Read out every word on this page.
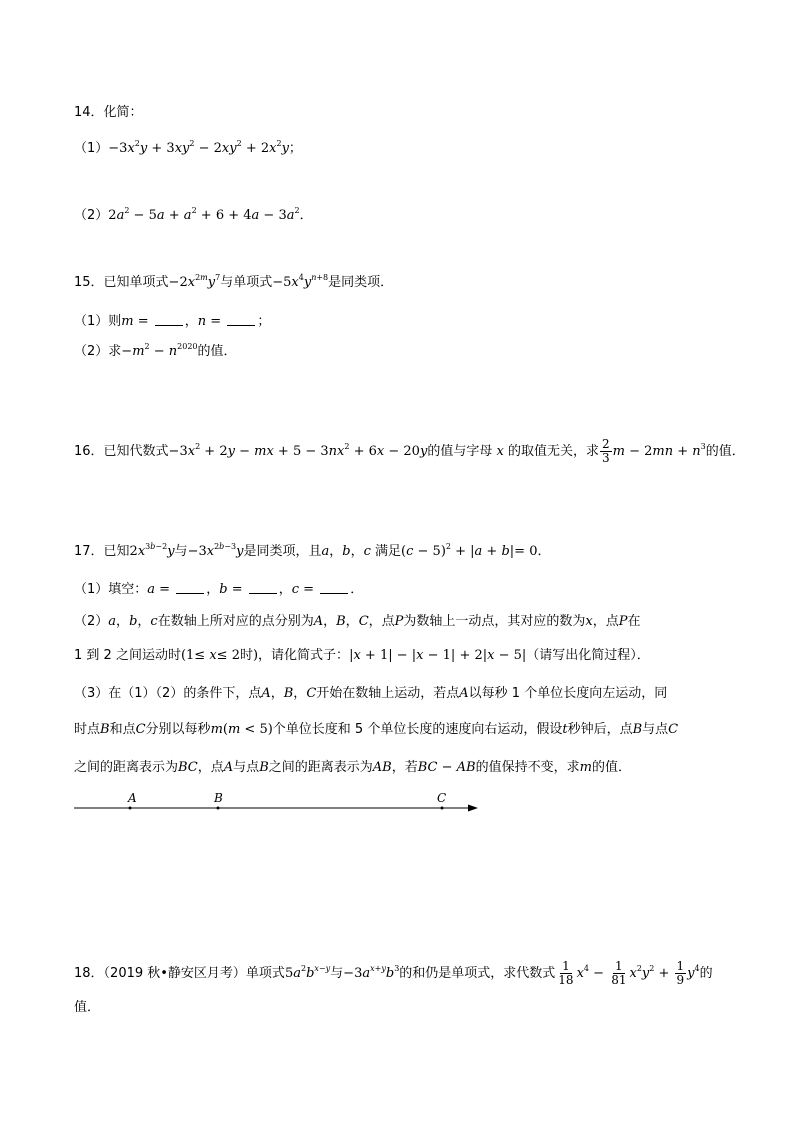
14．化简：
$(1)-3x^2y + 3xy^2 - 2xy^2 + 2x^2y$；
$(2)2a^2 - 5a + a^2 + 6 + 4a - 3a^2$．
15．已知单项式$-2x^{2m}y^7$与单项式$-5x^4y^{n+8}$是同类项．
（1）则m = ，n = ；
（2）求$-m^2 - n^{2020}$的值．
16．已知代数式$-3x^2 + 2y$ − mx + $5 - 3nx^2 + 6x - 20y$的值与字母 x 的取值无关，求 $\frac{2}{3}$ $m - 2mn + n^3$的值．
17．已知$2x^{3b-2}y$与$-3x^{2b-3}y$是同类项，且a，b，c 满足$(c - 5)^2 + |a + b|= 0$．
（1）填空：a = ，b = ，c = ．
（2）a，b，c在数轴上所对应的点分别为A，B，C，点P为数轴上一动点，其对应的数为x，点P在
1 到 2 之间运动时(1≤ x≤ 2时)，请化简式子：|x + 1| − |x − 1| + 2|x − 5|（请写出化简过程）．
（3）在（1）（2）的条件下，点A，B，C开始在数轴上运动，若点A以每秒 1 个单位长度向左运动，同
时点B和点C分别以每秒m(m < 5)个单位长度和 5 个单位长度的速度向右运动，假设t秒钟后，点B与点C
之间的距离表示为BC，点A与点B之间的距离表示为AB，若BC − AB的值保持不变，求m的值．
A	B	C
18．（2019 秋•静安区月考）单项式$5a^2b^{x-y}$与$-3a^{x+y}b^3$的和仍是单项式，求代数式 $\frac{1}{18} x^4 - \frac{1}{81} x^2y^2 + \frac{1}{9} y^4$的
值．
